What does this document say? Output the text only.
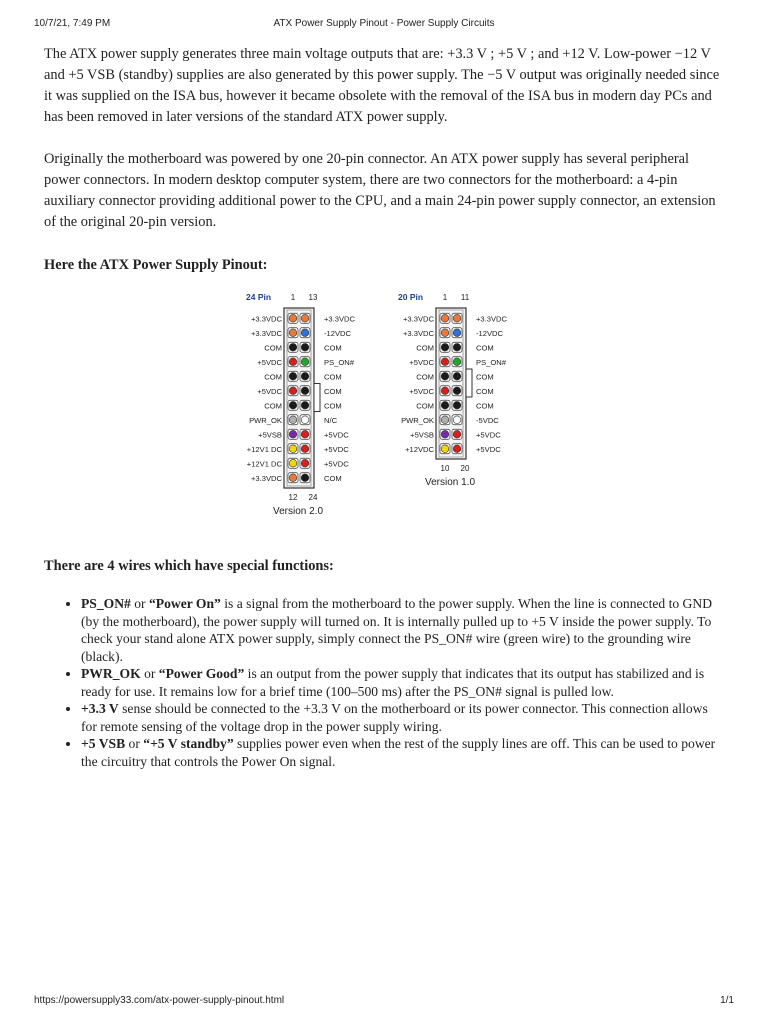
10/7/21, 7:49 PM	ATX Power Supply Pinout - Power Supply Circuits

The ATX power supply generates three main voltage outputs that are: +3.3 V ; +5 V ; and +12 V. Low-power −12 V and +5 VSB (standby) supplies are also generated by this power supply. The −5 V output was originally needed since it was supplied on the ISA bus, however it became obsolete with the removal of the ISA bus in modern day PCs and has been removed in later versions of the standard ATX power supply.

Originally the motherboard was powered by one 20-pin connector. An ATX power supply has several peripheral power connectors. In modern desktop computer system, there are two connectors for the motherboard: a 4-pin auxiliary connector providing additional power to the CPU, and a main 24-pin power supply connector, an extension of the original 20-pin version.

Here the ATX Power Supply Pinout:

24 Pin 1 13
+3.3VDC	+3.3VDC
+3.3VDC	-12VDC
COM	COM
+5VDC	PS_ON#
COM	COM
+5VDC	COM
COM	COM
PWR_OK	N/C
+5VSB	+5VDC
+12V1 DC	+5VDC
+12V1 DC	+5VDC
+3.3VDC	COM
12 24
Version 2.0
20 Pin 1 11
+3.3VDC	+3.3VDC
+3.3VDC	-12VDC
COM	COM
+5VDC	PS_ON#
COM	COM
+5VDC	COM
COM	COM
PWR_OK	-5VDC
+5VSB	+5VDC
+12VDC	+5VDC
10 20
Version 1.0

There are 4 wires which have special functions:

• PS_ON# or “Power On” is a signal from the motherboard to the power supply. When the line is connected to GND (by the motherboard), the power supply will turned on. It is internally pulled up to +5 V inside the power supply. To check your stand alone ATX power supply, simply connect the PS_ON# wire (green wire) to the grounding wire (black).
• PWR_OK or “Power Good” is an output from the power supply that indicates that its output has stabilized and is ready for use. It remains low for a brief time (100–500 ms) after the PS_ON# signal is pulled low.
• +3.3 V sense should be connected to the +3.3 V on the motherboard or its power connector. This connection allows for remote sensing of the voltage drop in the power supply wiring.
• +5 VSB or “+5 V standby” supplies power even when the rest of the supply lines are off. This can be used to power the circuitry that controls the Power On signal.
https://powersupply33.com/atx-power-supply-pinout.html	1/1
